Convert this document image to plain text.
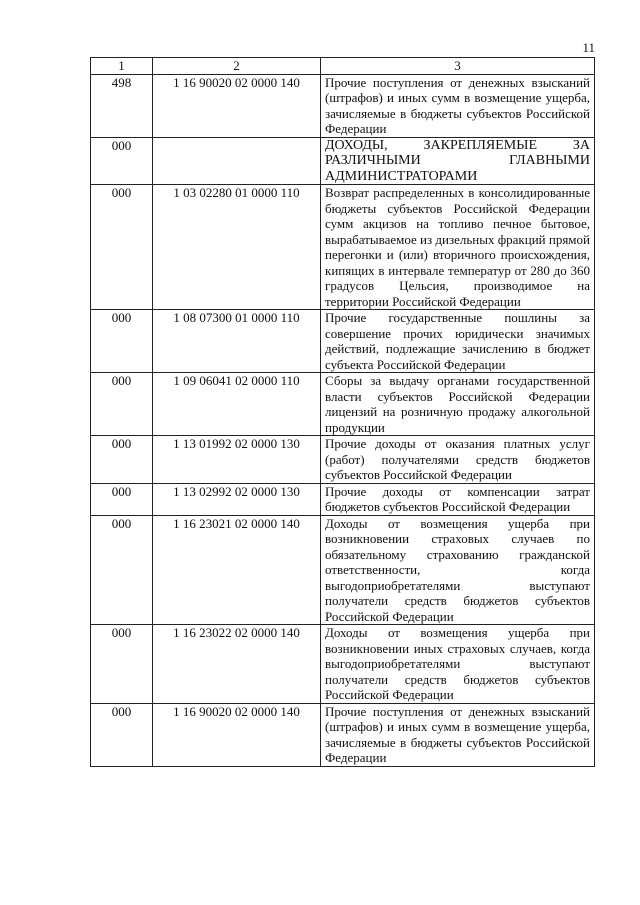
11
1	2	3
498	1 16 90020 02 0000 140	Прочие поступления от денежных взысканий (штрафов) и иных сумм в возмещение ущерба, зачисляемые в бюджеты субъектов Российской Федерации
000		ДОХОДЫ, ЗАКРЕПЛЯЕМЫЕ ЗА РАЗЛИЧНЫМИ ГЛАВНЫМИ АДМИНИСТРАТОРАМИ
000	1 03 02280 01 0000 110	Возврат распределенных в консолидированные бюджеты субъектов Российской Федерации сумм акцизов на топливо печное бытовое, вырабатываемое из дизельных фракций прямой перегонки и (или) вторичного происхождения, кипящих в интервале температур от 280 до 360 градусов Цельсия, производимое на территории Российской Федерации
000	1 08 07300 01 0000 110	Прочие государственные пошлины за совершение прочих юридически значимых действий, подлежащие зачислению в бюджет субъекта Российской Федерации
000	1 09 06041 02 0000 110	Сборы за выдачу органами государственной власти субъектов Российской Федерации лицензий на розничную продажу алкогольной продукции
000	1 13 01992 02 0000 130	Прочие доходы от оказания платных услуг (работ) получателями средств бюджетов субъектов Российской Федерации
000	1 13 02992 02 0000 130	Прочие доходы от компенсации затрат бюджетов субъектов Российской Федерации
000	1 16 23021 02 0000 140	Доходы от возмещения ущерба при возникновении страховых случаев по обязательному страхованию гражданской ответственности, когда выгодоприобретателями выступают получатели средств бюджетов субъектов Российской Федерации
000	1 16 23022 02 0000 140	Доходы от возмещения ущерба при возникновении иных страховых случаев, когда выгодоприобретателями выступают получатели средств бюджетов субъектов Российской Федерации
000	1 16 90020 02 0000 140	Прочие поступления от денежных взысканий (штрафов) и иных сумм в возмещение ущерба, зачисляемые в бюджеты субъектов Российской Федерации
